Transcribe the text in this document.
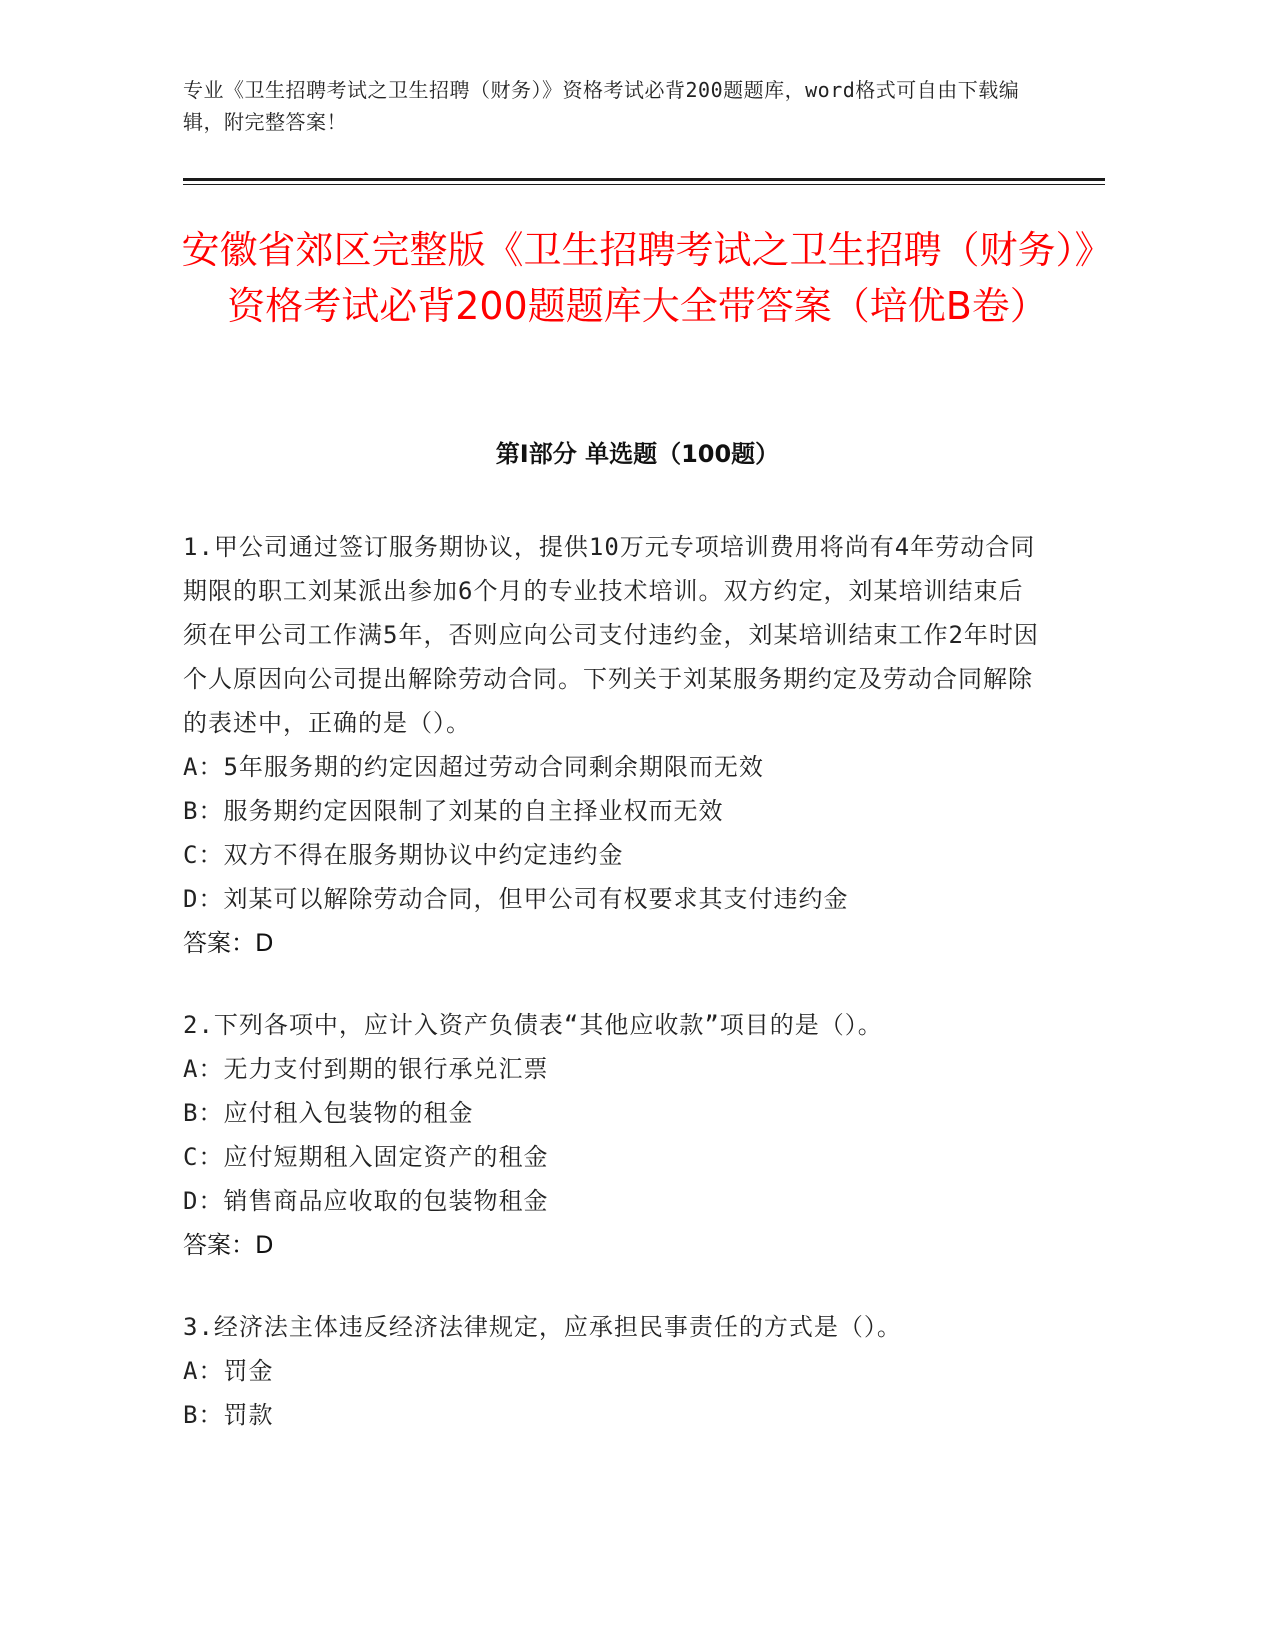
专业《卫生招聘考试之卫生招聘（财务）》资格考试必背200题题库，word格式可自由下载编辑，附完整答案！
安徽省郊区完整版《卫生招聘考试之卫生招聘（财务）》资格考试必背200题题库大全带答案（培优B卷）
第Ⅰ部分 单选题（100题）

1.甲公司通过签订服务期协议，提供10万元专项培训费用将尚有4年劳动合同期限的职工刘某派出参加6个月的专业技术培训。双方约定，刘某培训结束后须在甲公司工作满5年，否则应向公司支付违约金，刘某培训结束工作2年时因个人原因向公司提出解除劳动合同。下列关于刘某服务期约定及劳动合同解除的表述中，正确的是（）。

A：5年服务期的约定因超过劳动合同剩余期限而无效

B：服务期约定因限制了刘某的自主择业权而无效

C：双方不得在服务期协议中约定违约金

D：刘某可以解除劳动合同，但甲公司有权要求其支付违约金

答案：D

2.下列各项中，应计入资产负债表“其他应收款”项目的是（）。

A：无力支付到期的银行承兑汇票

B：应付租入包装物的租金

C：应付短期租入固定资产的租金

D：销售商品应收取的包装物租金

答案：D

3.经济法主体违反经济法律规定，应承担民事责任的方式是（）。

A：罚金

B：罚款
